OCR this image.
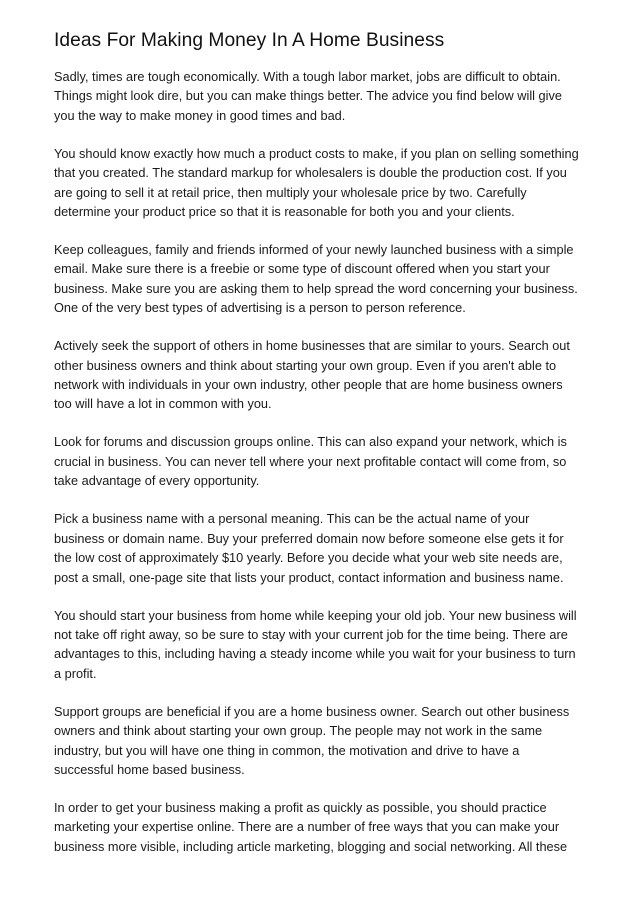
Ideas For Making Money In A Home Business

Sadly, times are tough economically. With a tough labor market, jobs are difficult to obtain.
Things might look dire, but you can make things better. The advice you find below will give
you the way to make money in good times and bad.

You should know exactly how much a product costs to make, if you plan on selling something
that you created. The standard markup for wholesalers is double the production cost. If you
are going to sell it at retail price, then multiply your wholesale price by two. Carefully
determine your product price so that it is reasonable for both you and your clients.

Keep colleagues, family and friends informed of your newly launched business with a simple
email. Make sure there is a freebie or some type of discount offered when you start your
business. Make sure you are asking them to help spread the word concerning your business.
One of the very best types of advertising is a person to person reference.

Actively seek the support of others in home businesses that are similar to yours. Search out
other business owners and think about starting your own group. Even if you aren't able to
network with individuals in your own industry, other people that are home business owners
too will have a lot in common with you.

Look for forums and discussion groups online. This can also expand your network, which is
crucial in business. You can never tell where your next profitable contact will come from, so
take advantage of every opportunity.

Pick a business name with a personal meaning. This can be the actual name of your
business or domain name. Buy your preferred domain now before someone else gets it for
the low cost of approximately $10 yearly. Before you decide what your web site needs are,
post a small, one-page site that lists your product, contact information and business name.

You should start your business from home while keeping your old job. Your new business will
not take off right away, so be sure to stay with your current job for the time being. There are
advantages to this, including having a steady income while you wait for your business to turn
a profit.

Support groups are beneficial if you are a home business owner. Search out other business
owners and think about starting your own group. The people may not work in the same
industry, but you will have one thing in common, the motivation and drive to have a
successful home based business.

In order to get your business making a profit as quickly as possible, you should practice
marketing your expertise online. There are a number of free ways that you can make your
business more visible, including article marketing, blogging and social networking. All these
